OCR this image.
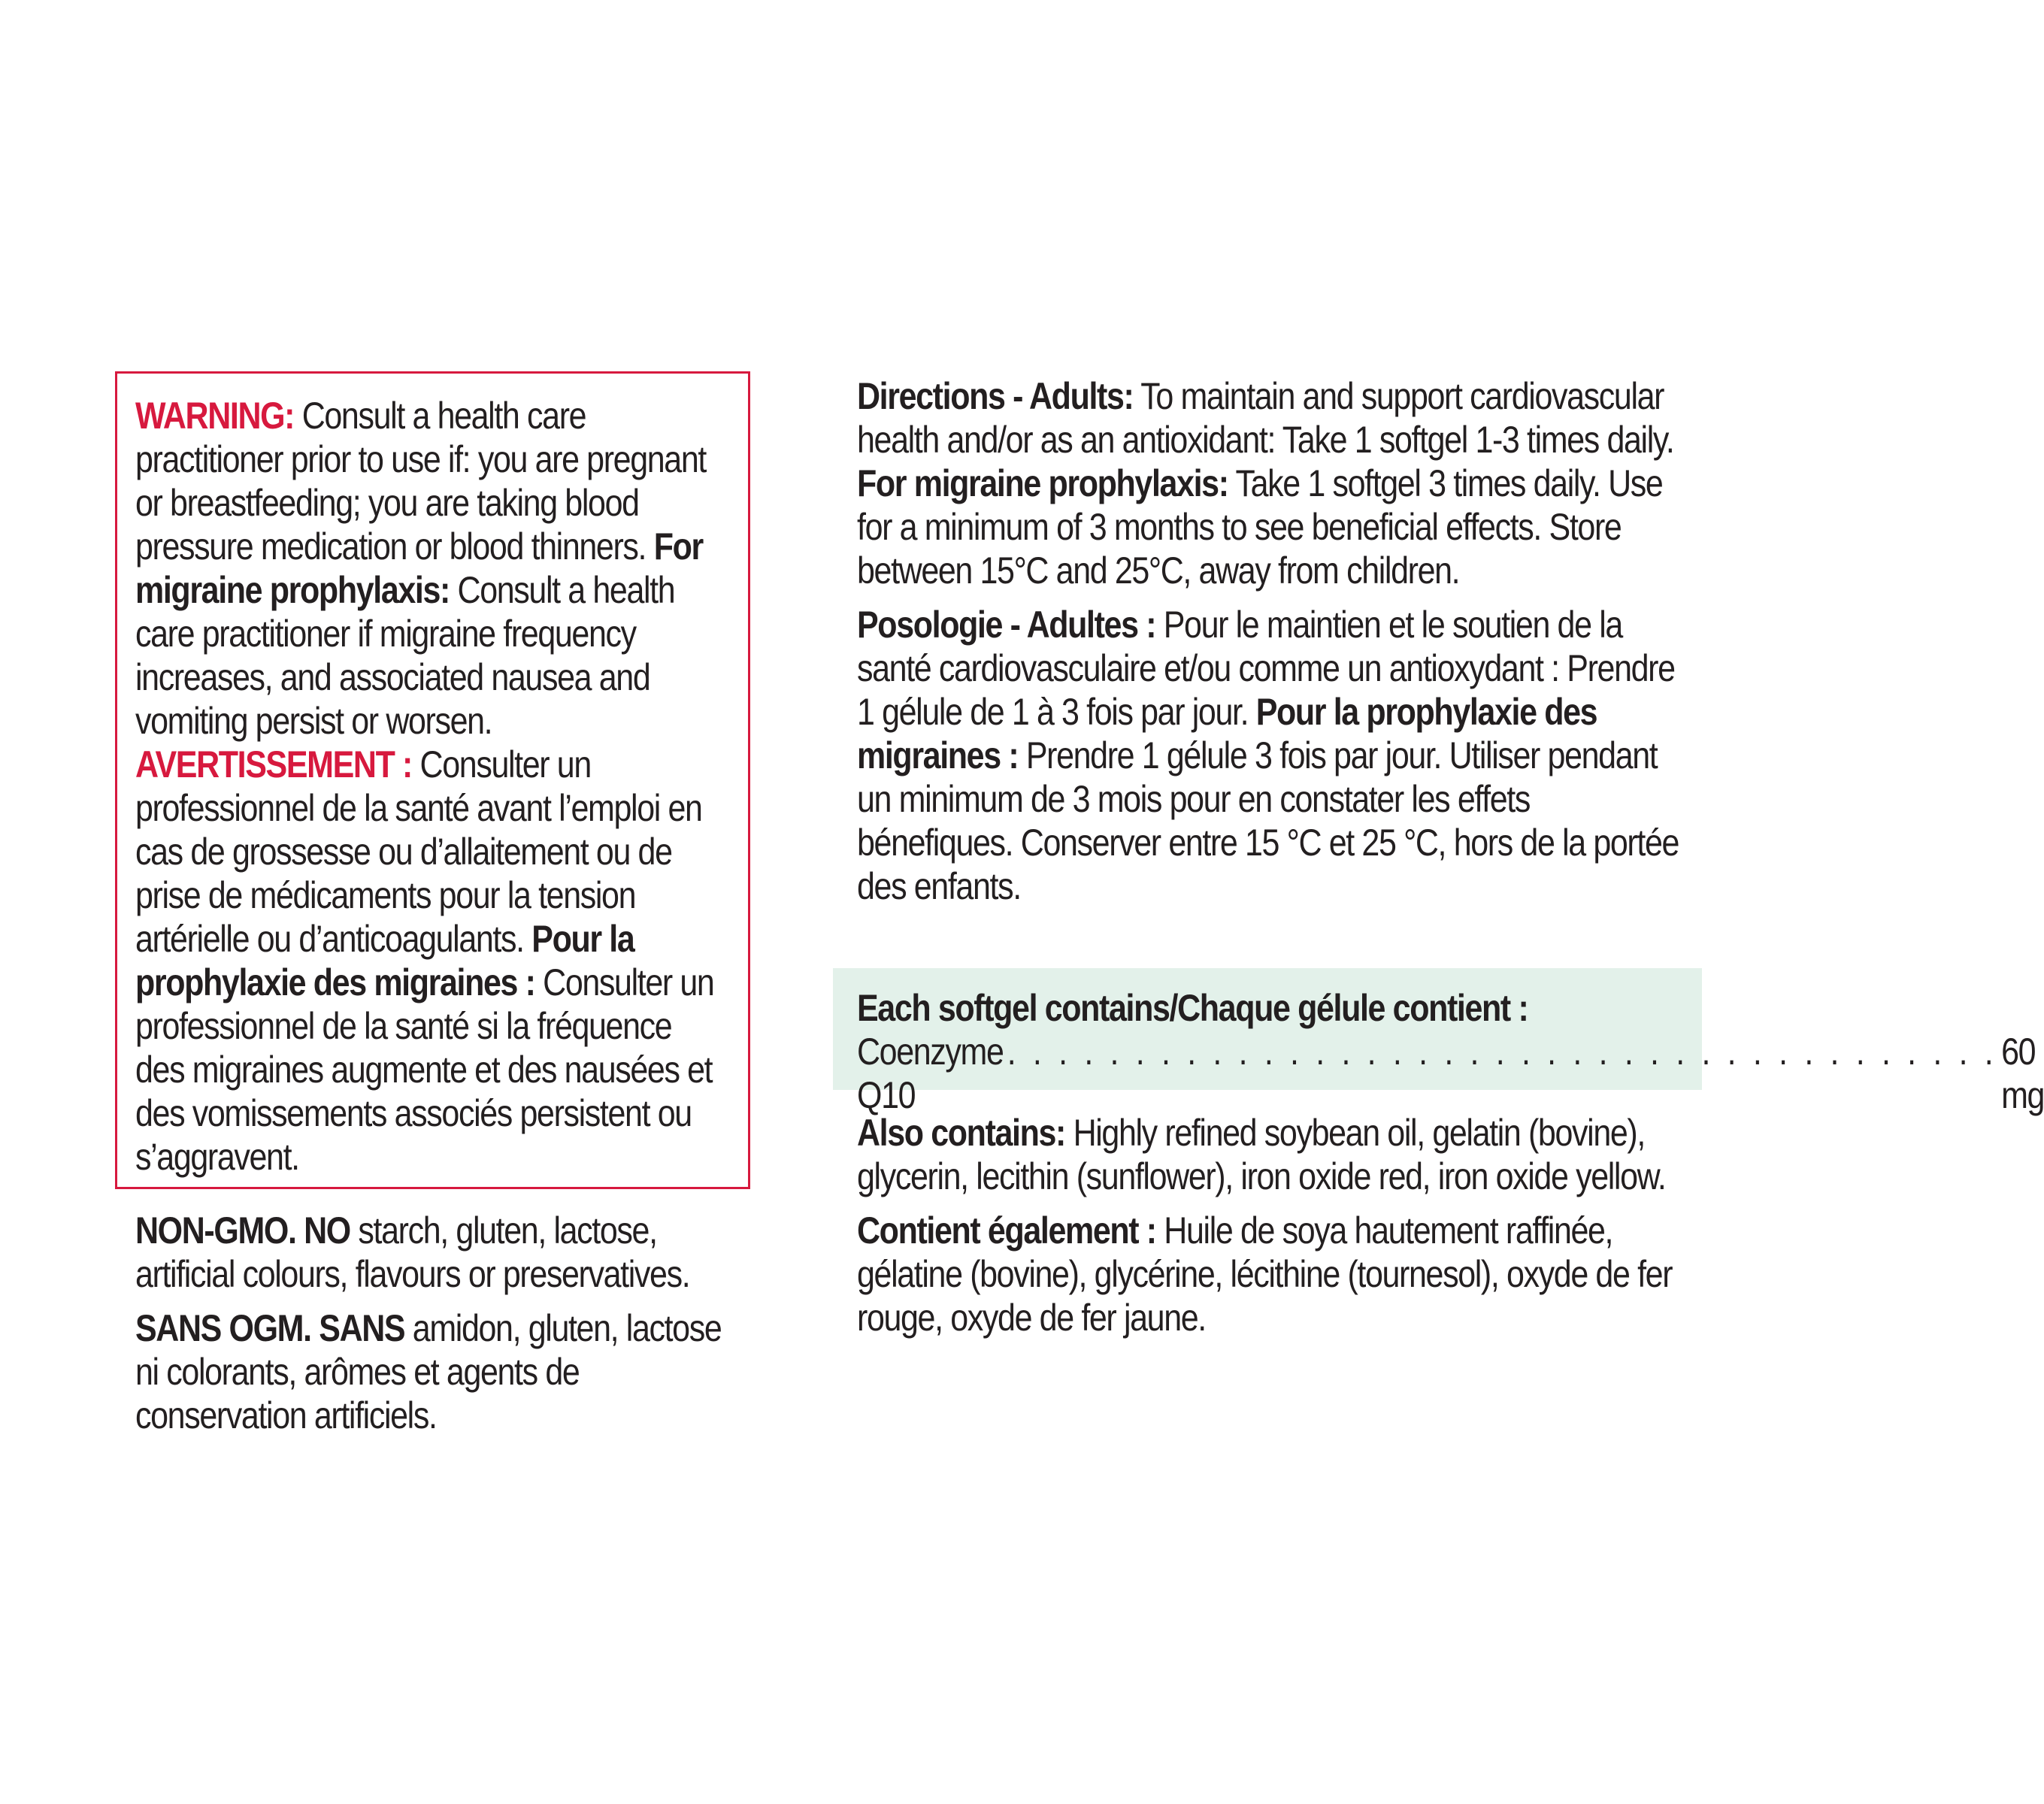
WARNING: Consult a health care practitioner prior to use if: you are pregnant or breastfeeding; you are taking blood pressure medication or blood thinners. For migraine prophylaxis: Consult a health care practitioner if migraine frequency increases, and associated nausea and vomiting persist or worsen.
AVERTISSEMENT : Consulter un professionnel de la santé avant l’emploi en cas de grossesse ou d’allaitement ou de prise de médicaments pour la tension artérielle ou d’anticoagulants. Pour la prophylaxie des migraines : Consulter un professionnel de la santé si la fréquence des migraines augmente et des nausées et des vomissements associés persistent ou s’aggravent.
NON-GMO. NO starch, gluten, lactose, artificial colours, flavours or preservatives.
SANS OGM. SANS amidon, gluten, lactose ni colorants, arômes et agents de conservation artificiels.
Directions - Adults: To maintain and support cardiovascular health and/or as an antioxidant: Take 1 softgel 1-3 times daily. For migraine prophylaxis: Take 1 softgel 3 times daily. Use for a minimum of 3 months to see beneficial effects. Store between 15°C and 25°C, away from children.
Posologie - Adultes : Pour le maintien et le soutien de la santé cardiovasculaire et/ou comme un antioxydant : Prendre 1 gélule de 1 à 3 fois par jour. Pour la prophylaxie des migraines : Prendre 1 gélule 3 fois par jour. Utiliser pendant un minimum de 3 mois pour en constater les effets bénefiques. Conserver entre 15 °C et 25 °C, hors de la portée des enfants.
Each softgel contains/Chaque gélule contient :
Coenzyme Q10
. . . . . . . . . . . . . . . . . . . . . . . . . . . . . . . . . . . . . . . 60 mg
Also contains: Highly refined soybean oil, gelatin (bovine), glycerin, lecithin (sunflower), iron oxide red, iron oxide yellow.
Contient également : Huile de soya hautement raffinée, gélatine (bovine), glycérine, lécithine (tournesol), oxyde de fer rouge, oxyde de fer jaune.
